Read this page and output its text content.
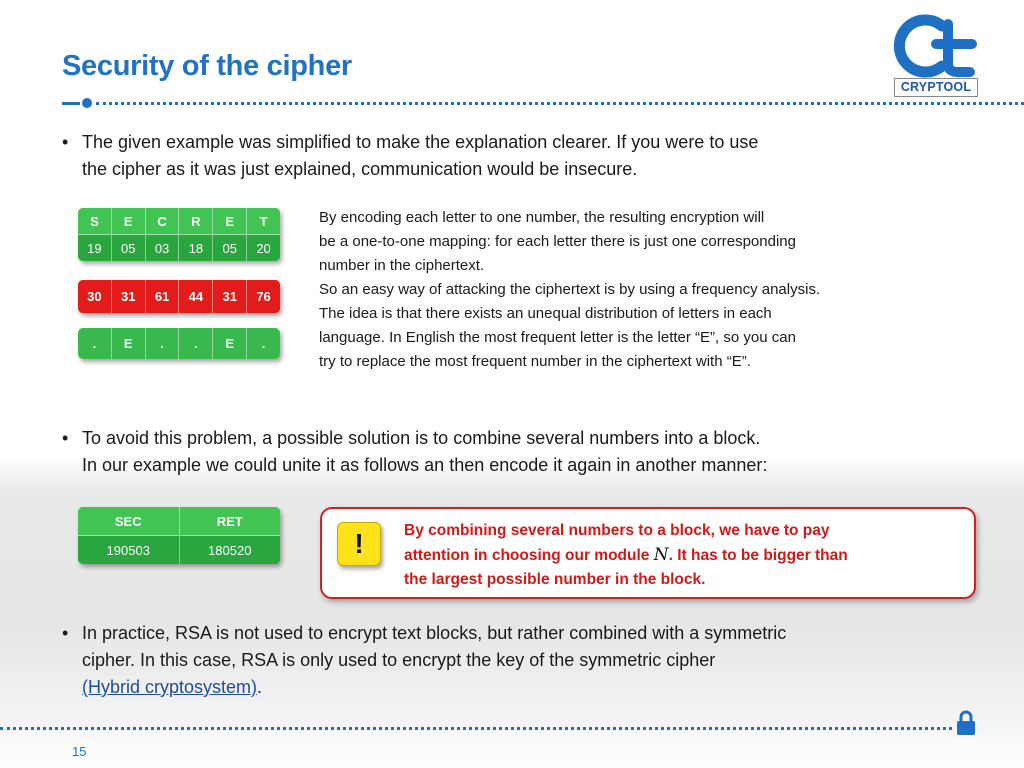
Security of the cipher
CRYPTOOL
• The given example was simplified to make the explanation clearer. If you were to use
the cipher as it was just explained, communication would be insecure.
S	E	C	R	E	T
19	05	03	18	05	20
30	31	61	44	31	76
.	E	.	.	E	.
By encoding each letter to one number, the resulting encryption will
be a one-to-one mapping: for each letter there is just one corresponding
number in the ciphertext.
So an easy way of attacking the ciphertext is by using a frequency analysis.
The idea is that there exists an unequal distribution of letters in each
language. In English the most frequent letter is the letter “E”, so you can
try to replace the most frequent number in the ciphertext with “E”.
• To avoid this problem, a possible solution is to combine several numbers into a block.
In our example we could unite it as follows an then encode it again in another manner:
SEC	RET
190503	180520	!	By combining several numbers to a block, we have to pay
attention in choosing our module N. It has to be bigger than
the largest possible number in the block.
• In practice, RSA is not used to encrypt text blocks, but rather combined with a symmetric
cipher. In this case, RSA is only used to encrypt the key of the symmetric cipher
(Hybrid cryptosystem).
15
